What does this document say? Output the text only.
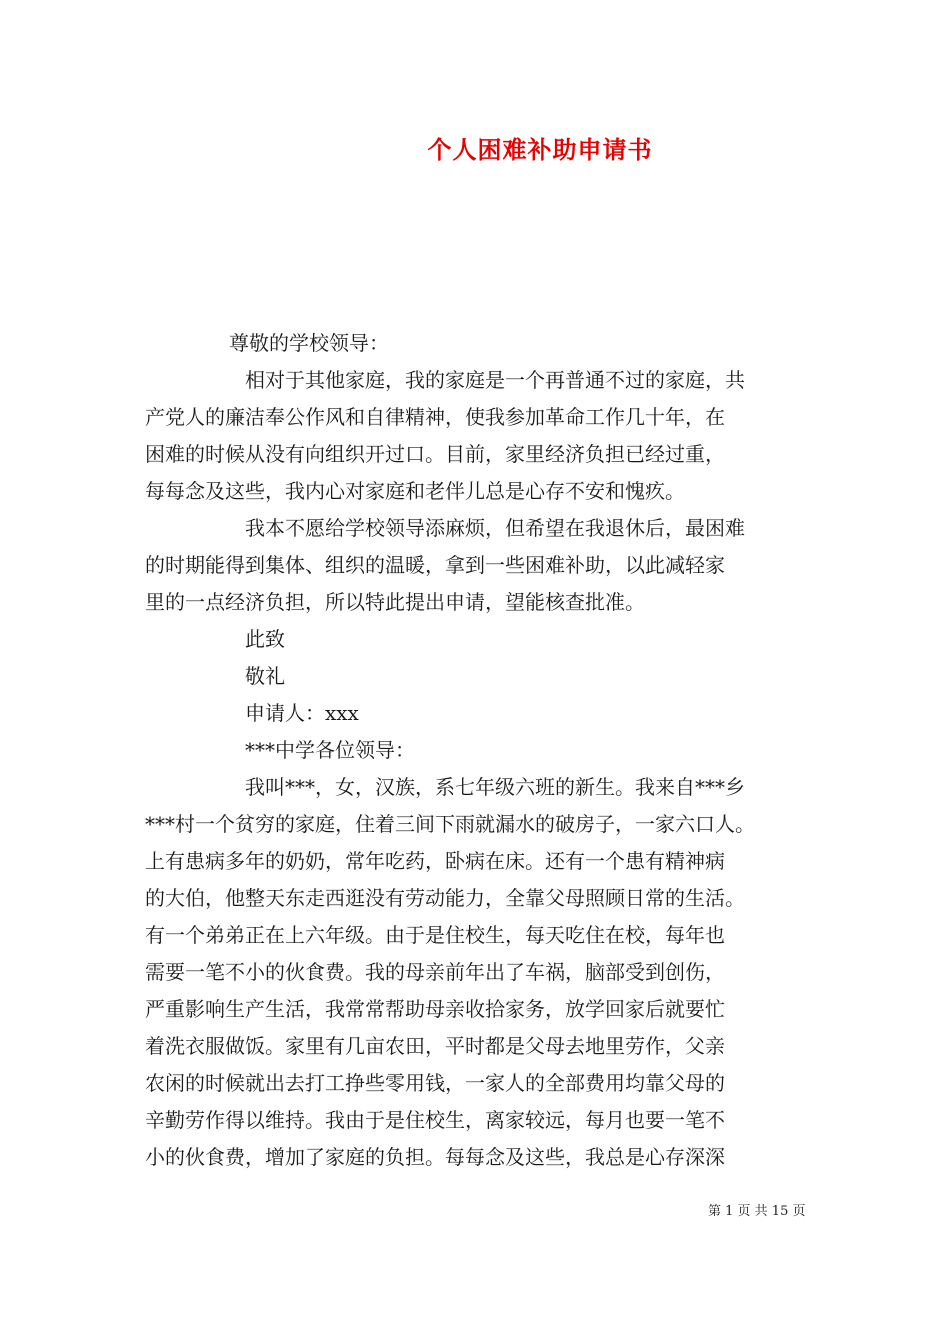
个人困难补助申请书
尊敬的学校领导：
相对于其他家庭，我的家庭是一个再普通不过的家庭，共
产党人的廉洁奉公作风和自律精神，使我参加革命工作几十年，在
困难的时候从没有向组织开过口。目前，家里经济负担已经过重，
每每念及这些，我内心对家庭和老伴儿总是心存不安和愧疚。
我本不愿给学校领导添麻烦，但希望在我退休后，最困难
的时期能得到集体、组织的温暖，拿到一些困难补助，以此减轻家
里的一点经济负担，所以特此提出申请，望能核查批准。
此致
敬礼
申请人：xxx
***中学各位领导：
我叫***，女，汉族，系七年级六班的新生。我来自***乡
***村一个贫穷的家庭，住着三间下雨就漏水的破房子，一家六口人。
上有患病多年的奶奶，常年吃药，卧病在床。还有一个患有精神病
的大伯，他整天东走西逛没有劳动能力，全靠父母照顾日常的生活。
有一个弟弟正在上六年级。由于是住校生，每天吃住在校，每年也
需要一笔不小的伙食费。我的母亲前年出了车祸，脑部受到创伤，
严重影响生产生活，我常常帮助母亲收拾家务，放学回家后就要忙
着洗衣服做饭。家里有几亩农田，平时都是父母去地里劳作，父亲
农闲的时候就出去打工挣些零用钱，一家人的全部费用均靠父母的
辛勤劳作得以维持。我由于是住校生，离家较远，每月也要一笔不
小的伙食费，增加了家庭的负担。每每念及这些，我总是心存深深
第 1 页 共 15 页
